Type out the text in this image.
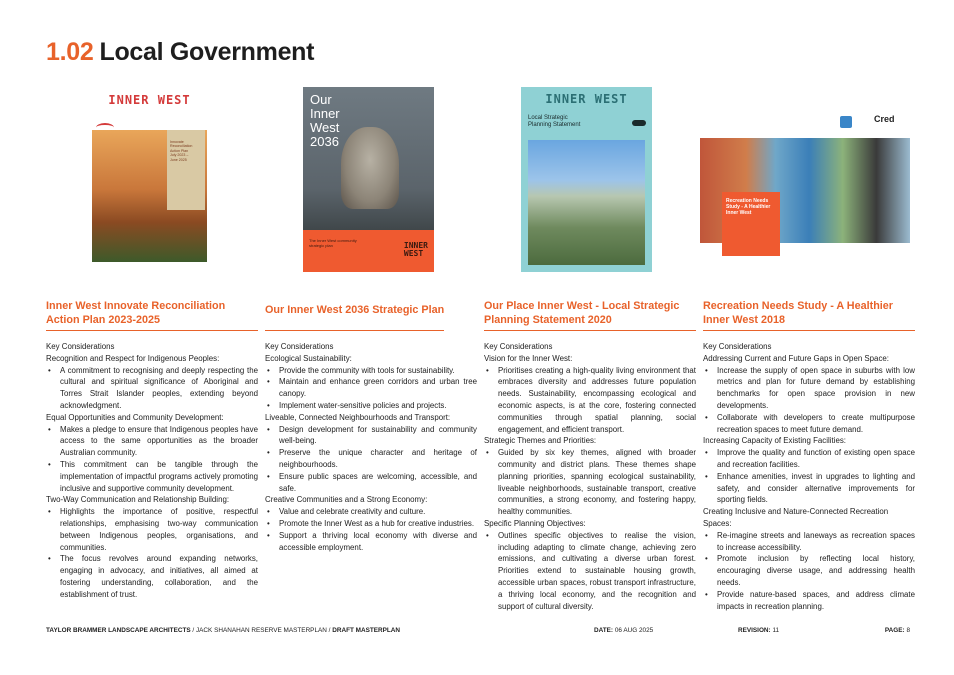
1.02 Local Government
INNER WEST
Innovate
Reconciliation
Action Plan
July 2023 –
June 2025
Our
Inner
West
2036
The Inner West community
strategic plan	INNER
WEST
INNER WEST
Local Strategic
Planning Statement
Cred
Recreation Needs
Study - A Healthier
Inner West
Inner West Innovate Reconciliation Action Plan 2023-2025
Key Considerations
Recognition and Respect for Indigenous Peoples:
• A commitment to recognising and deeply respecting the cultural and spiritual significance of Aboriginal and Torres Strait Islander peoples, extending beyond acknowledgment.
Equal Opportunities and Community Development:
• Makes a pledge to ensure that Indigenous peoples have access to the same opportunities as the broader Australian community.
• This commitment can be tangible through the implementation of impactful programs actively promoting inclusive and supportive community development.
Two-Way Communication and Relationship Building:
• Highlights the importance of positive, respectful relationships, emphasising two-way communication between Indigenous peoples, organisations, and communities.
• The focus revolves around expanding networks, engaging in advocacy, and initiatives, all aimed at fostering understanding, collaboration, and the establishment of trust.
Our Inner West 2036 Strategic Plan
Key Considerations
Ecological Sustainability:
• Provide the community with tools for sustainability.
• Maintain and enhance green corridors and urban tree canopy.
• Implement water-sensitive policies and projects.
Liveable, Connected Neighbourhoods and Transport:
• Design development for sustainability and community well-being.
• Preserve the unique character and heritage of neighbourhoods.
• Ensure public spaces are welcoming, accessible, and safe.
Creative Communities and a Strong Economy:
• Value and celebrate creativity and culture.
• Promote the Inner West as a hub for creative industries.
• Support a thriving local economy with diverse and accessible employment.
Our Place Inner West - Local Strategic Planning Statement 2020
Key Considerations
Vision for the Inner West:
• Prioritises creating a high-quality living environment that embraces diversity and addresses future population needs. Sustainability, encompassing ecological and economic aspects, is at the core, fostering connected communities through spatial planning, social engagement, and efficient transport.
Strategic Themes and Priorities:
• Guided by six key themes, aligned with broader community and district plans. These themes shape planning priorities, spanning ecological sustainability, liveable neighborhoods, sustainable transport, creative communities, a strong economy, and fostering happy, healthy communities.
Specific Planning Objectives:
• Outlines specific objectives to realise the vision, including adapting to climate change, achieving zero emissions, and cultivating a diverse urban forest. Priorities extend to sustainable housing growth, accessible urban spaces, robust transport infrastructure, a thriving local economy, and the recognition and support of cultural diversity.
Recreation Needs Study - A Healthier Inner West 2018
Key Considerations
Addressing Current and Future Gaps in Open Space:
• Increase the supply of open space in suburbs with low metrics and plan for future demand by establishing benchmarks for open space provision in new developments.
• Collaborate with developers to create multipurpose recreation spaces to meet future demand.
Increasing Capacity of Existing Facilities:
• Improve the quality and function of existing open space and recreation facilities.
• Enhance amenities, invest in upgrades to lighting and safety, and consider alternative improvements for sporting fields.
Creating Inclusive and Nature-Connected Recreation Spaces:
• Re-imagine streets and laneways as recreation spaces to increase accessibility.
• Promote inclusion by reflecting local history, encouraging diverse usage, and addressing health needs.
• Provide nature-based spaces, and address climate impacts in recreation planning.
TAYLOR BRAMMER LANDSCAPE ARCHITECTS / JACK SHANAHAN RESERVE MASTERPLAN / DRAFT MASTERPLAN	DATE: 06 AUG 2025	REVISION: 11	PAGE: 8
